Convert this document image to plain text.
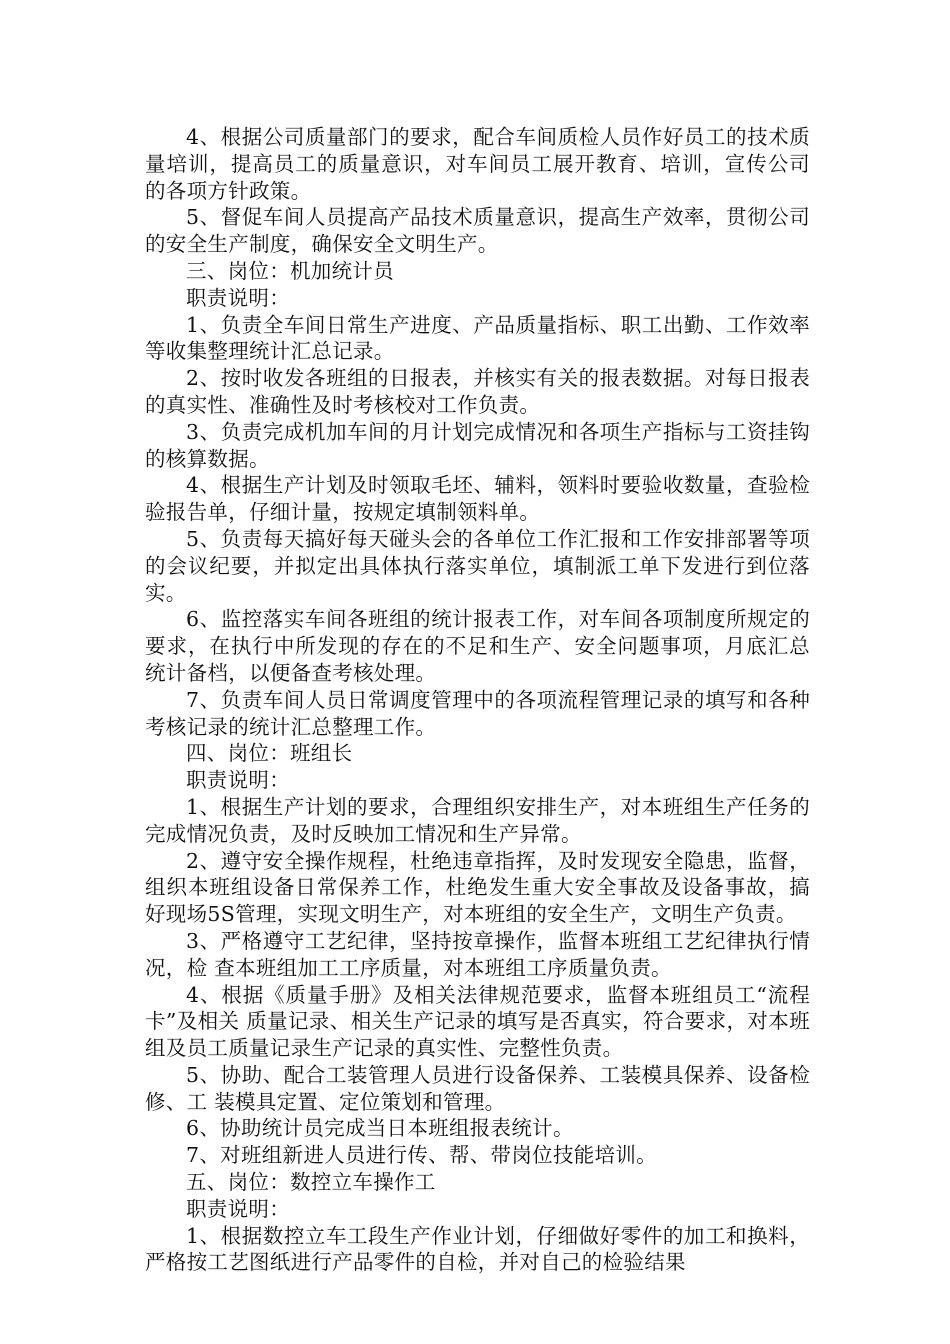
4、根据公司质量部门的要求，配合车间质检人员作好员工的技术质量培训，提高员工的质量意识，对车间员工展开教育、培训，宣传公司的各项方针政策。

5、督促车间人员提高产品技术质量意识，提高生产效率，贯彻公司的安全生产制度，确保安全文明生产。

三、岗位：机加统计员

职责说明：

1、负责全车间日常生产进度、产品质量指标、职工出勤、工作效率等收集整理统计汇总记录。

2、按时收发各班组的日报表，并核实有关的报表数据。对每日报表的真实性、准确性及时考核校对工作负责。

3、负责完成机加车间的月计划完成情况和各项生产指标与工资挂钩的核算数据。

4、根据生产计划及时领取毛坯、辅料，领料时要验收数量，查验检验报告单，仔细计量，按规定填制领料单。

5、负责每天搞好每天碰头会的各单位工作汇报和工作安排部署等项的会议纪要，并拟定出具体执行落实单位，填制派工单下发进行到位落实。

6、监控落实车间各班组的统计报表工作，对车间各项制度所规定的要求，在执行中所发现的存在的不足和生产、安全问题事项，月底汇总统计备档，以便备查考核处理。

7、负责车间人员日常调度管理中的各项流程管理记录的填写和各种考核记录的统计汇总整理工作。

四、岗位：班组长

职责说明：

1、根据生产计划的要求，合理组织安排生产，对本班组生产任务的完成情况负责，及时反映加工情况和生产异常。

2、遵守安全操作规程，杜绝违章指挥，及时发现安全隐患，监督，组织本班组设备日常保养工作，杜绝发生重大安全事故及设备事故，搞好现场5S管理，实现文明生产，对本班组的安全生产，文明生产负责。

3、严格遵守工艺纪律，坚持按章操作，监督本班组工艺纪律执行情况，检 查本班组加工工序质量，对本班组工序质量负责。

4、根据《质量手册》及相关法律规范要求，监督本班组员工“流程卡”及相关 质量记录、相关生产记录的填写是否真实，符合要求，对本班组及员工质量记录生产记录的真实性、完整性负责。

5、协助、配合工装管理人员进行设备保养、工装模具保养、设备检修、工 装模具定置、定位策划和管理。

6、协助统计员完成当日本班组报表统计。

7、对班组新进人员进行传、帮、带岗位技能培训。

五、岗位：数控立车操作工

职责说明：

1、根据数控立车工段生产作业计划，仔细做好零件的加工和换料，严格按工艺图纸进行产品零件的自检，并对自己的检验结果
